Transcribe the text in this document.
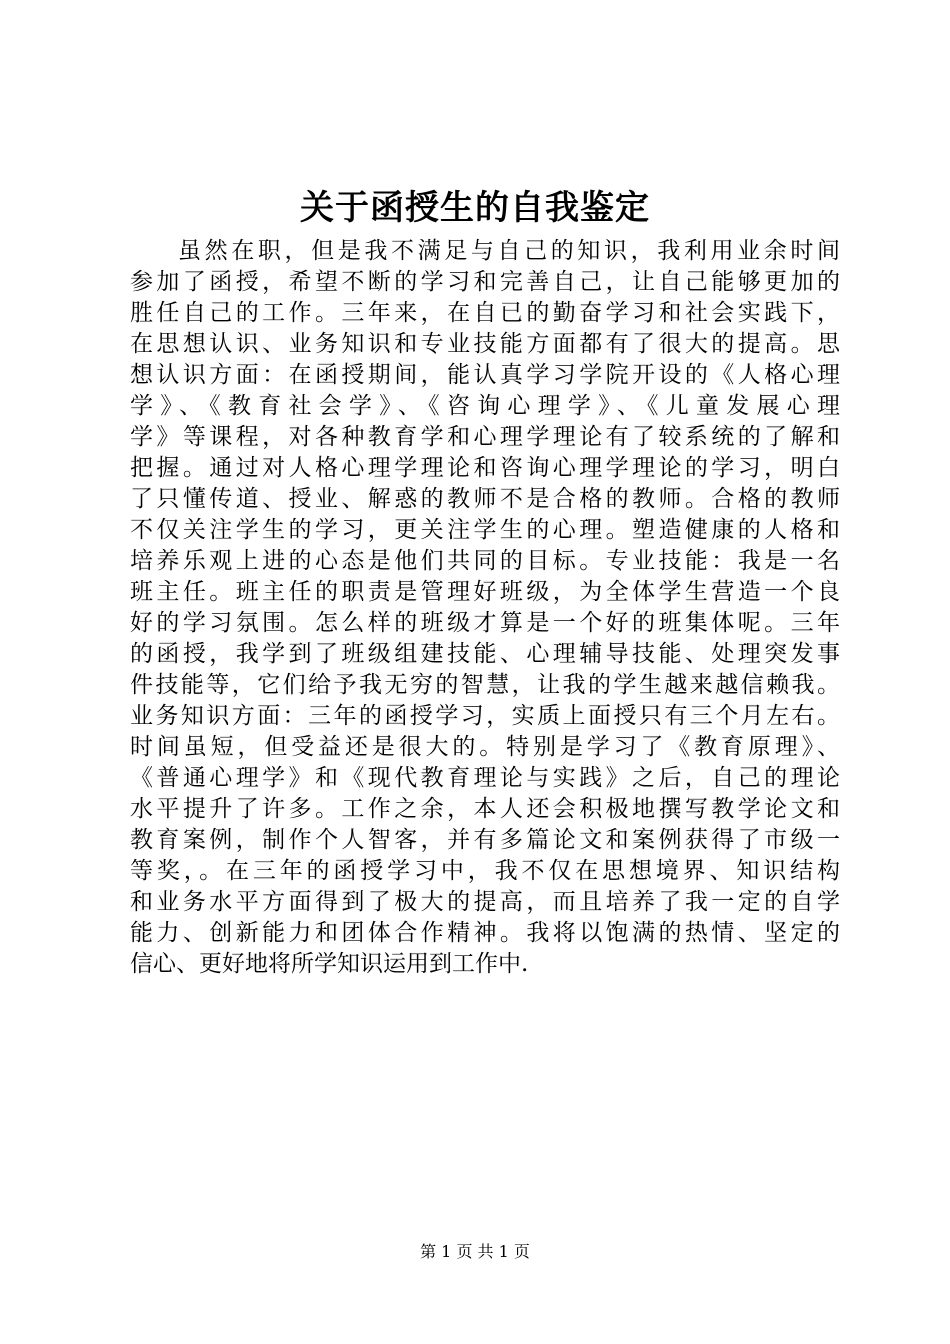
关于函授生的自我鉴定
虽然在职，但是我不满足与自己的知识，我利用业余时间
参加了函授，希望不断的学习和完善自己，让自己能够更加的
胜任自己的工作。三年来，在自已的勤奋学习和社会实践下，
在思想认识、业务知识和专业技能方面都有了很大的提高。思
想认识方面：在函授期间，能认真学习学院开设的《人格心理
学》、《教育社会学》、《咨询心理学》、《儿童发展心理
学》等课程，对各种教育学和心理学理论有了较系统的了解和
把握。通过对人格心理学理论和咨询心理学理论的学习，明白
了只懂传道、授业、解惑的教师不是合格的教师。合格的教师
不仅关注学生的学习，更关注学生的心理。塑造健康的人格和
培养乐观上进的心态是他们共同的目标。专业技能：我是一名
班主任。班主任的职责是管理好班级，为全体学生营造一个良
好的学习氛围。怎么样的班级才算是一个好的班集体呢。三年
的函授，我学到了班级组建技能、心理辅导技能、处理突发事
件技能等，它们给予我无穷的智慧，让我的学生越来越信赖我。
业务知识方面：三年的函授学习，实质上面授只有三个月左右。
时间虽短，但受益还是很大的。特别是学习了《教育原理》、
《普通心理学》和《现代教育理论与实践》之后，自己的理论
水平提升了许多。工作之余，本人还会积极地撰写教学论文和
教育案例，制作个人智客，并有多篇论文和案例获得了市级一
等奖，。在三年的函授学习中，我不仅在思想境界、知识结构
和业务水平方面得到了极大的提高，而且培养了我一定的自学
能力、创新能力和团体合作精神。我将以饱满的热情、坚定的
信心、更好地将所学知识运用到工作中.
第 1 页 共 1 页
